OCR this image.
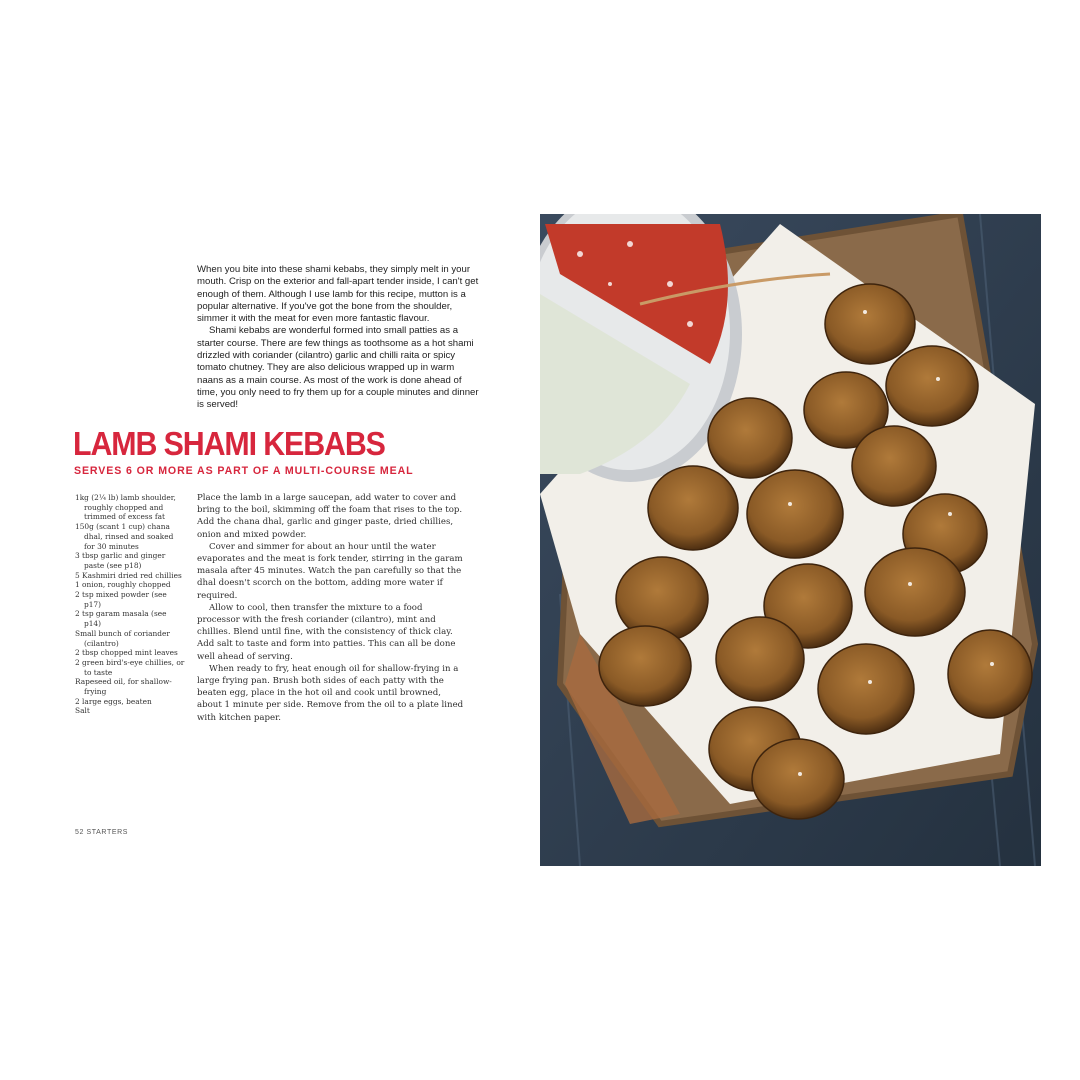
When you bite into these shami kebabs, they simply melt in your mouth. Crisp on the exterior and fall-apart tender inside, I can't get enough of them. Although I use lamb for this recipe, mutton is a popular alternative. If you've got the bone from the shoulder, simmer it with the meat for even more fantastic flavour.

Shami kebabs are wonderful formed into small patties as a starter course. There are few things as toothsome as a hot shami drizzled with coriander (cilantro) garlic and chilli raita or spicy tomato chutney. They are also delicious wrapped up in warm naans as a main course. As most of the work is done ahead of time, you only need to fry them up for a couple minutes and dinner is served!

LAMB SHAMI KEBABS
SERVES 6 OR MORE AS PART OF A MULTI-COURSE MEAL
1kg (2¼ lb) lamb shoulder, roughly chopped and trimmed of excess fat
150g (scant 1 cup) chana dhal, rinsed and soaked for 30 minutes
3 tbsp garlic and ginger paste (see p18)
5 Kashmiri dried red chillies
1 onion, roughly chopped
2 tsp mixed powder (see p17)
2 tsp garam masala (see p14)
Small bunch of coriander (cilantro)
2 tbsp chopped mint leaves
2 green bird's-eye chillies, or to taste
Rapeseed oil, for shallow-frying
2 large eggs, beaten
Salt

Place the lamb in a large saucepan, add water to cover and bring to the boil, skimming off the foam that rises to the top. Add the chana dhal, garlic and ginger paste, dried chillies, onion and mixed powder.

Cover and simmer for about an hour until the water evaporates and the meat is fork tender, stirring in the garam masala after 45 minutes. Watch the pan carefully so that the dhal doesn't scorch on the bottom, adding more water if required.

Allow to cool, then transfer the mixture to a food processor with the fresh coriander (cilantro), mint and chillies. Blend until fine, with the consistency of thick clay. Add salt to taste and form into patties. This can all be done well ahead of serving.

When ready to fry, heat enough oil for shallow-frying in a large frying pan. Brush both sides of each patty with the beaten egg, place in the hot oil and cook until browned, about 1 minute per side. Remove from the oil to a plate lined with kitchen paper.

52 STARTERS
